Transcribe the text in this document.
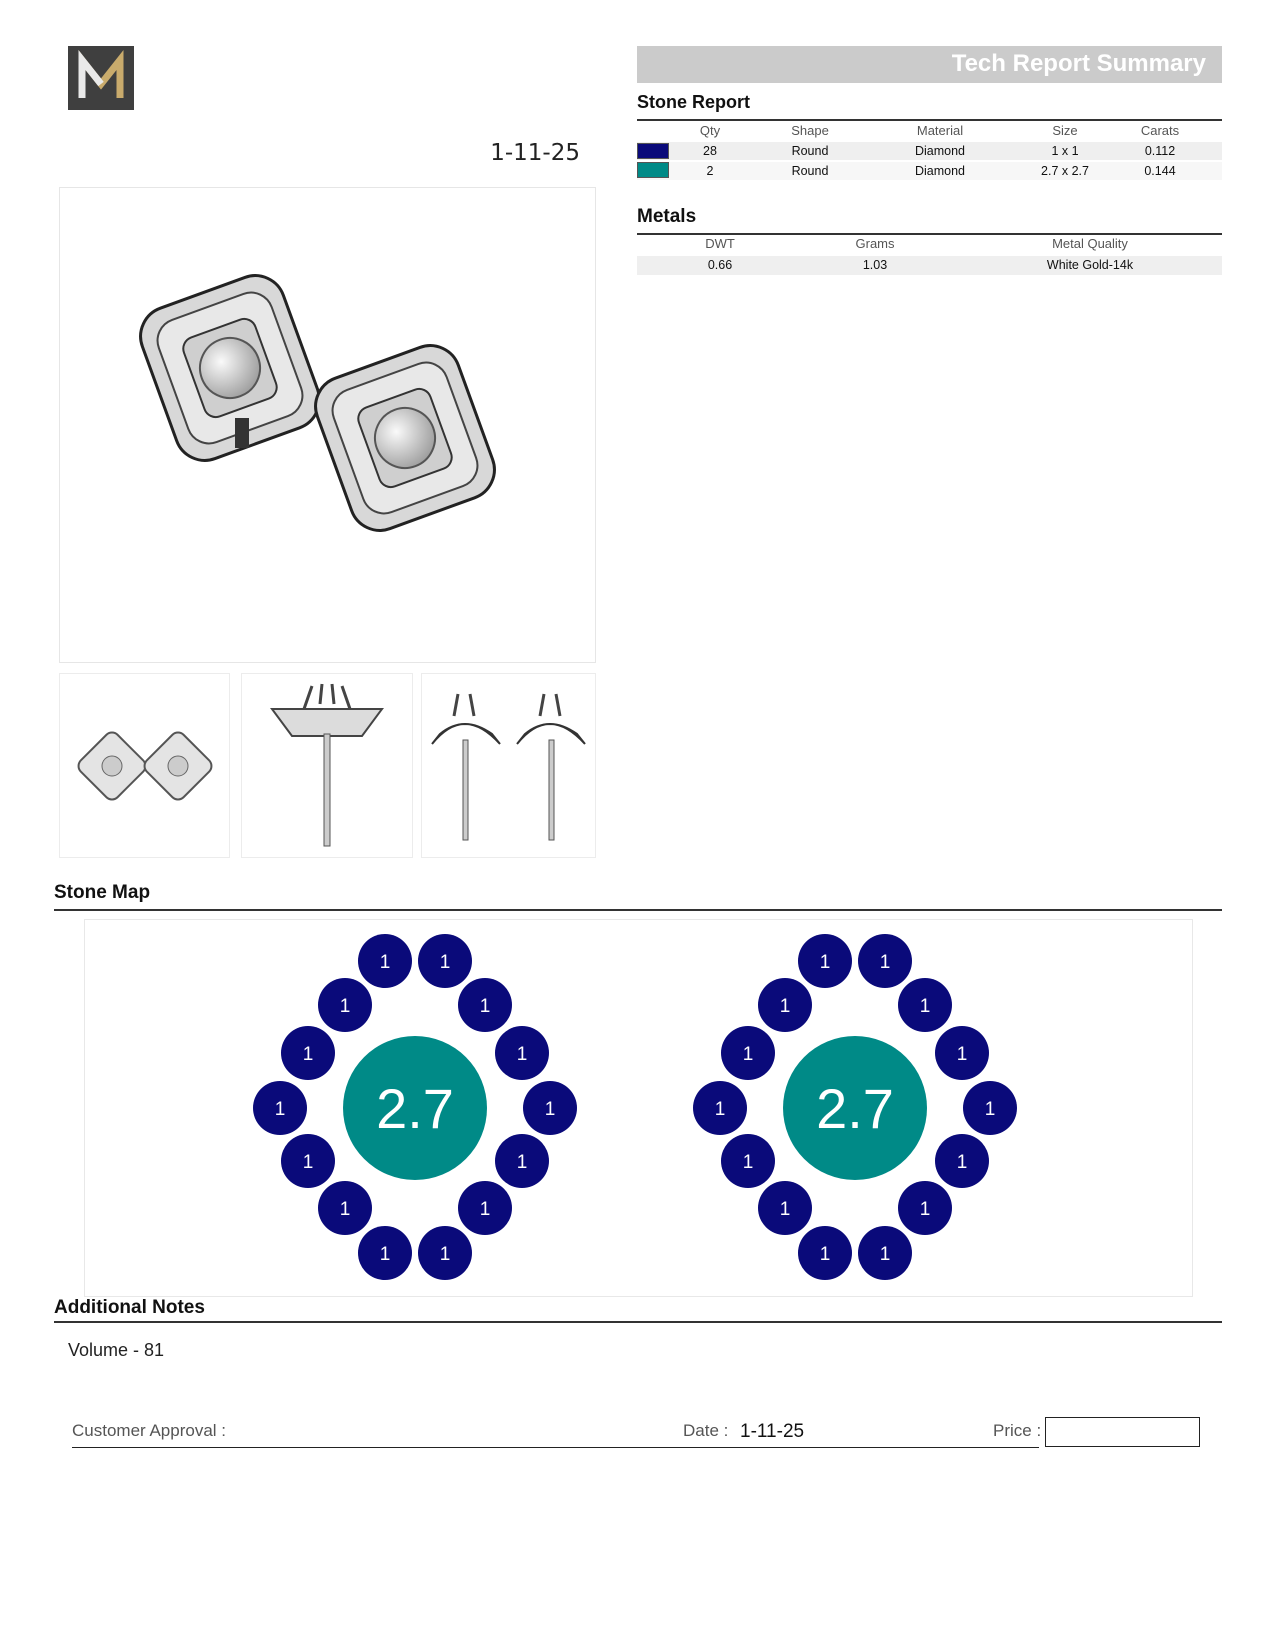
1-11-25
Tech Report Summary
Stone Report
Qty	Shape	Material	Size	Carats
28	Round	Diamond	1 x 1	0.112
2	Round	Diamond	2.7 x 2.7	0.144
Metals
DWT	Grams	Metal Quality
0.66	1.03	White Gold-14k
Stone Map
1	1
1	1
1	1
1	1
1	1
1	1
1	1
2.7
1	1
1	1
1	1
1	1
1	1
1	1
1	1
2.7
Additional Notes
Volume - 81
Customer Approval :	Date : 1-11-25	Price :
